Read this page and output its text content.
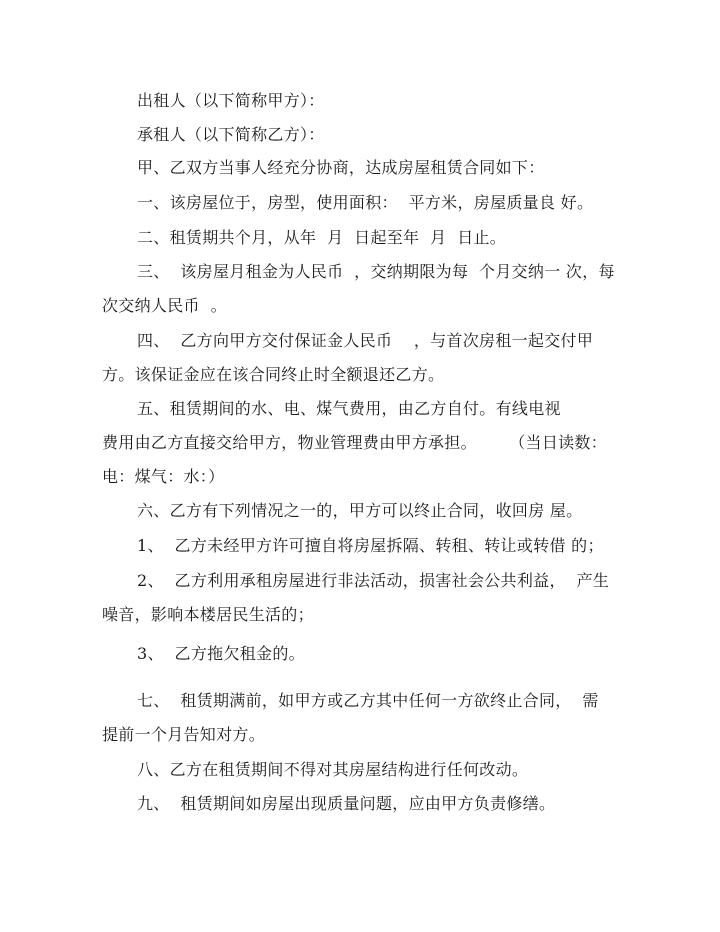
出租人（以下简称甲方）：
承租人（以下简称乙方）：
甲、乙双方当事人经充分协商，达成房屋租赁合同如下：
一、该房屋位于，房型，使用面积：  平方米，房屋质量良 好。
二、租赁期共个月，从年  月  日起至年  月  日止。
三、  该房屋月租金为人民币  ，交纳期限为每  个月交纳一 次，每
次交纳人民币  。
四、  乙方向甲方交付保证金人民币    ，与首次房租一起交付甲
方。该保证金应在该合同终止时全额退还乙方。
五、租赁期间的水、电、煤气费用，由乙方自付。有线电视
费用由乙方直接交给甲方，物业管理费由甲方承担。      （当日读数：
电：煤气：水：）
六、乙方有下列情况之一的，甲方可以终止合同，收回房 屋。
1、  乙方未经甲方许可擅自将房屋拆隔、转租、转让或转借 的；
2、  乙方利用承租房屋进行非法活动，损害社会公共利益，  产生
噪音，影响本楼居民生活的；
3、  乙方拖欠租金的。
七、  租赁期满前，如甲方或乙方其中任何一方欲终止合同，  需
提前一个月告知对方。
八、乙方在租赁期间不得对其房屋结构进行任何改动。
九、  租赁期间如房屋出现质量问题，应由甲方负责修缮。
